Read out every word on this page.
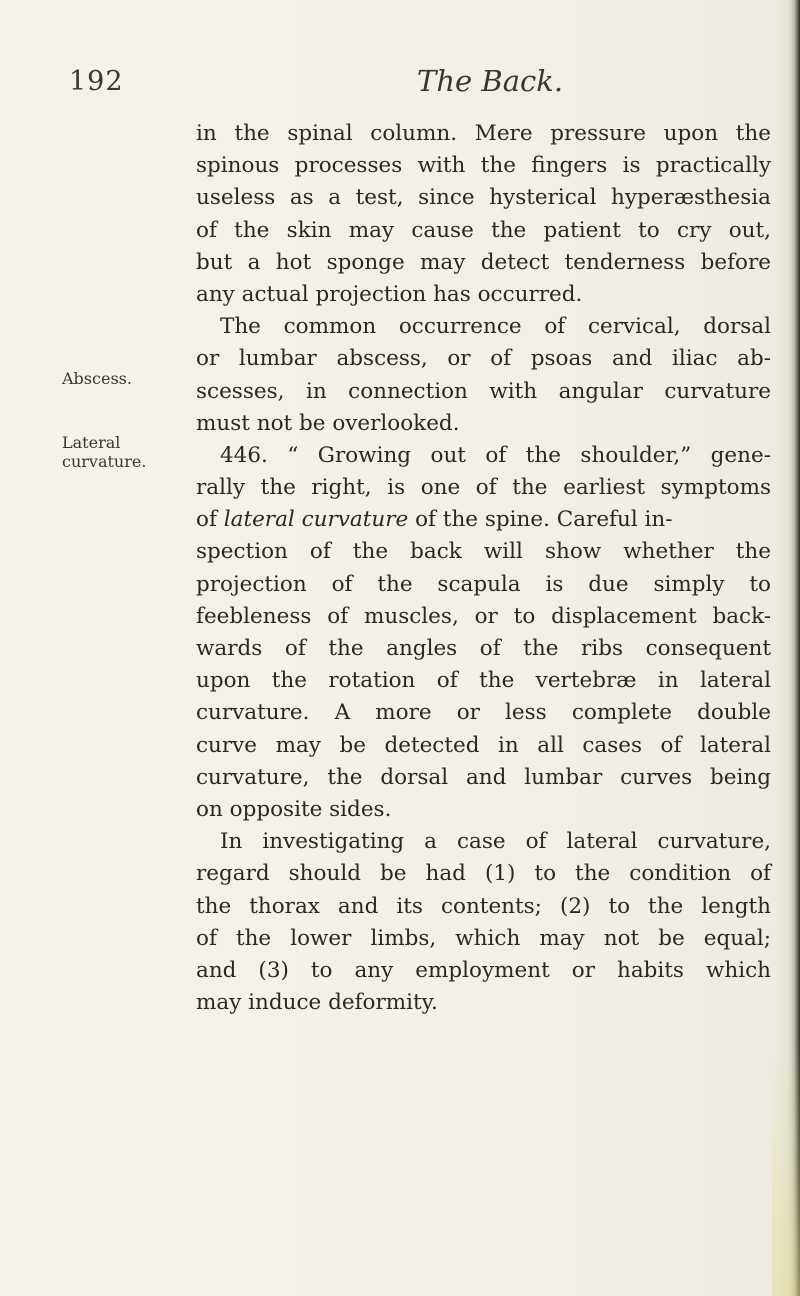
192	The Back.
Abscess.
Lateral
curvature.
in the spinal column. Mere pressure upon the
spinous processes with the fingers is practically
useless as a test, since hysterical hyperæsthesia
of the skin may cause the patient to cry out,
but a hot sponge may detect tenderness before
any actual projection has occurred.
The common occurrence of cervical, dorsal
or lumbar abscess, or of psoas and iliac ab-
scesses, in connection with angular curvature
must not be overlooked.
446. “ Growing out of the shoulder,” gene-
rally the right, is one of the earliest symptoms
of lateral curvature of the spine. Careful in-
spection of the back will show whether the
projection of the scapula is due simply to
feebleness of muscles, or to displacement back-
wards of the angles of the ribs consequent
upon the rotation of the vertebræ in lateral
curvature. A more or less complete double
curve may be detected in all cases of lateral
curvature, the dorsal and lumbar curves being
on opposite sides.
In investigating a case of lateral curvature,
regard should be had (1) to the condition of
the thorax and its contents; (2) to the length
of the lower limbs, which may not be equal;
and (3) to any employment or habits which
may induce deformity.
